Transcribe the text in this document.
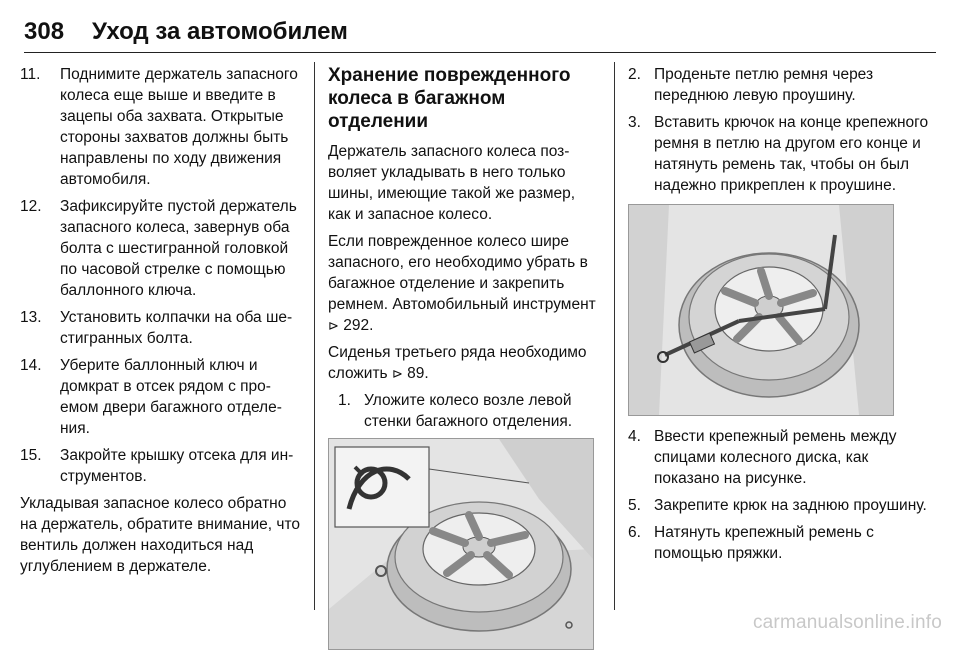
308 Уход за автомобилем
11.	Поднимите держатель запасного колеса еще выше и введите в зацепы оба захвата. Открытые стороны захватов должны быть направлены по ходу движения автомобиля.
12.	Зафиксируйте пустой держатель запасного колеса, завернув оба болта с шестигранной головкой по часовой стрелке с помощью баллонного ключа.
13.	Установить колпачки на оба шестигранных болта.
14.	Уберите баллонный ключ и домкрат в отсек рядом с проемом двери багажного отделения.
15.	Закройте крышку отсека для инструментов.
Укладывая запасное колесо обратно на держатель, обратите внимание, что вентиль должен находиться над углублением в держателе.
Хранение поврежденного колеса в багажном отделении
Держатель запасного колеса позволяет укладывать в него только шины, имеющие такой же размер, как и запасное колесо.
Если поврежденное колесо шире запасного, его необходимо убрать в багажное отделение и закрепить ремнем. Автомобильный инструмент ⊳ 292.
Сиденья третьего ряда необходимо сложить ⊳ 89.
1. Уложите колесо возле левой стенки багажного отделения.
2. Проденьте петлю ремня через переднюю левую проушину.
3. Вставить крючок на конце крепежного ремня в петлю на другом его конце и натянуть ремень так, чтобы он был надежно прикреплен к проушине.
4. Ввести крепежный ремень между спицами колесного диска, как показано на рисунке.
5. Закрепите крюк на заднюю проушину.
6. Натянуть крепежный ремень с помощью пряжки.
carmanualsonline.info
